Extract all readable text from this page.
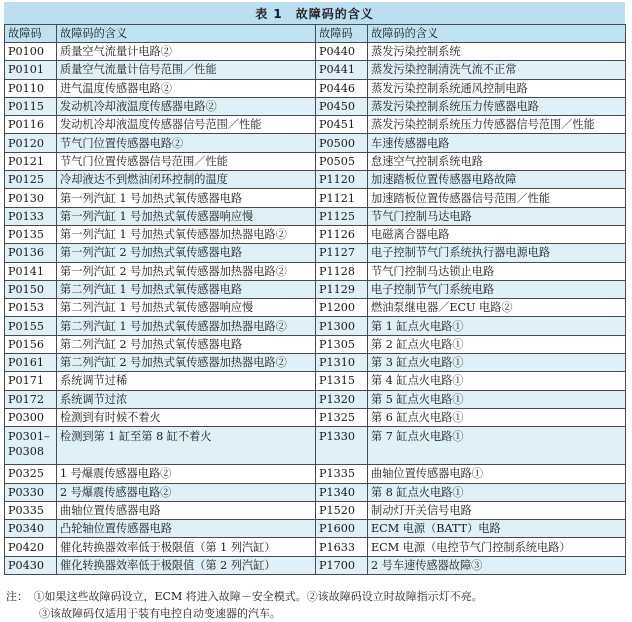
表 1　故障码的含义
故障码	故障码的含义	故障码	故障码的含义
P0100	质量空气流量计电路②	P0440	蒸发污染控制系统
P0101	质量空气流量计信号范围／性能	P0441	蒸发污染控制清洗气流不正常
P0110	进气温度传感器电路②	P0446	蒸发污染控制系统通风控制电路
P0115	发动机冷却液温度传感器电路②	P0450	蒸发污染控制系统压力传感器电路
P0116	发动机冷却液温度传感器信号范围／性能	P0451	蒸发污染控制系统压力传感器信号范围／性能
P0120	节气门位置传感器电路②	P0500	车速传感器电路
P0121	节气门位置传感器信号范围／性能	P0505	怠速空气控制系统电路
P0125	冷却液达不到燃油闭环控制的温度	P1120	加速踏板位置传感器电路故障
P0130	第一列汽缸 1 号加热式氧传感器电路	P1121	加速踏板位置传感器信号范围／性能
P0133	第一列汽缸 1 号加热式氧传感器响应慢	P1125	节气门控制马达电路
P0135	第一列汽缸 1 号加热式氧传感器加热器电路②	P1126	电磁离合器电路
P0136	第一列汽缸 2 号加热式氧传感器电路	P1127	电子控制节气门系统执行器电源电路
P0141	第一列汽缸 2 号加热式氧传感器加热器电路②	P1128	节气门控制马达锁止电路
P0150	第二列汽缸 1 号加热式氧传感器电路	P1129	电子控制节气门系统电路
P0153	第二列汽缸 1 号加热式氧传感器响应慢	P1200	燃油泵继电器／ECU 电路②
P0155	第二列汽缸 1 号加热式氧传感器加热器电路②	P1300	第 1 缸点火电路①
P0156	第二列汽缸 2 号加热式氧传感器电路	P1305	第 2 缸点火电路①
P0161	第二列汽缸 2 号加热式氧传感器加热器电路②	P1310	第 3 缸点火电路①
P0171	系统调节过稀	P1315	第 4 缸点火电路①
P0172	系统调节过浓	P1320	第 5 缸点火电路①
P0300	检测到有时候不着火	P1325	第 6 缸点火电路①
P0301–P0308	检测到第 1 缸至第 8 缸不着火	P1330	第 7 缸点火电路①
P0325	1 号爆震传感器电路②	P1335	曲轴位置传感器电路①
P0330	2 号爆震传感器电路②	P1340	第 8 缸点火电路①
P0335	曲轴位置传感器电路	P1520	制动灯开关信号电路
P0340	凸轮轴位置传感器电路	P1600	ECM 电源（BATT）电路
P0420	催化转换器效率低于极限值（第 1 列汽缸）	P1633	ECM 电源（电控节气门控制系统电路）
P0430	催化转换器效率低于极限值（第 2 列汽缸）	P1700	2 号车速传感器故障③
注：　①如果这些故障码设立，ECM 将进入故障－安全模式。②该故障码设立时故障指示灯不亮。
　　　③该故障码仅适用于装有电控自动变速器的汽车。
